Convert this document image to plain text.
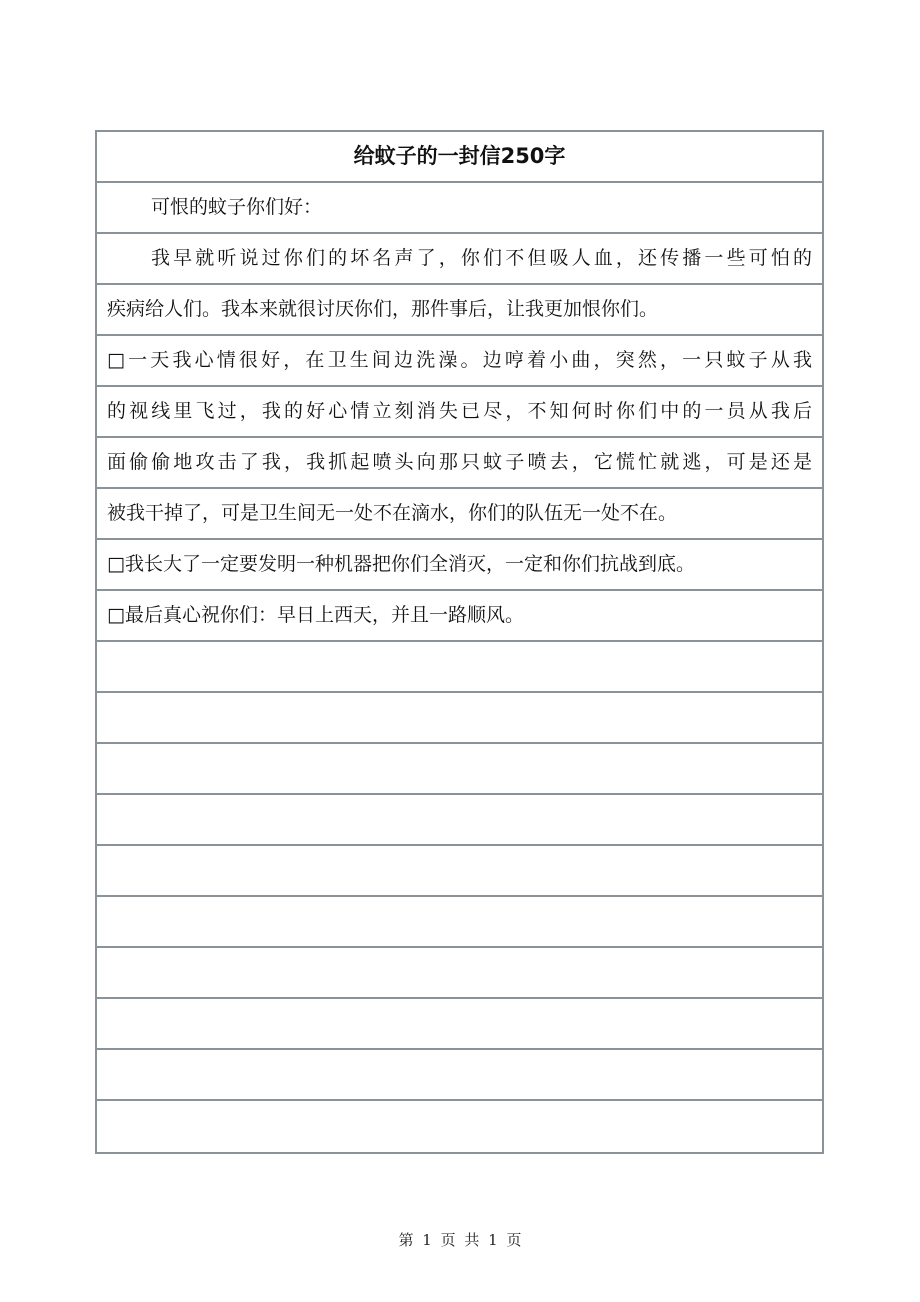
给蚊子的一封信250字
可恨的蚊子你们好：
我早就听说过你们的坏名声了，你们不但吸人血，还传播一些可怕的
疾病给人们。我本来就很讨厌你们，那件事后，让我更加恨你们。
□一天我心情很好，在卫生间边洗澡。边哼着小曲，突然，一只蚊子从我
的视线里飞过，我的好心情立刻消失已尽，不知何时你们中的一员从我后
面偷偷地攻击了我，我抓起喷头向那只蚊子喷去，它慌忙就逃，可是还是
被我干掉了，可是卫生间无一处不在滴水，你们的队伍无一处不在。
□我长大了一定要发明一种机器把你们全消灭，一定和你们抗战到底。
□最后真心祝你们：早日上西天，并且一路顺风。
第 1 页 共 1 页
